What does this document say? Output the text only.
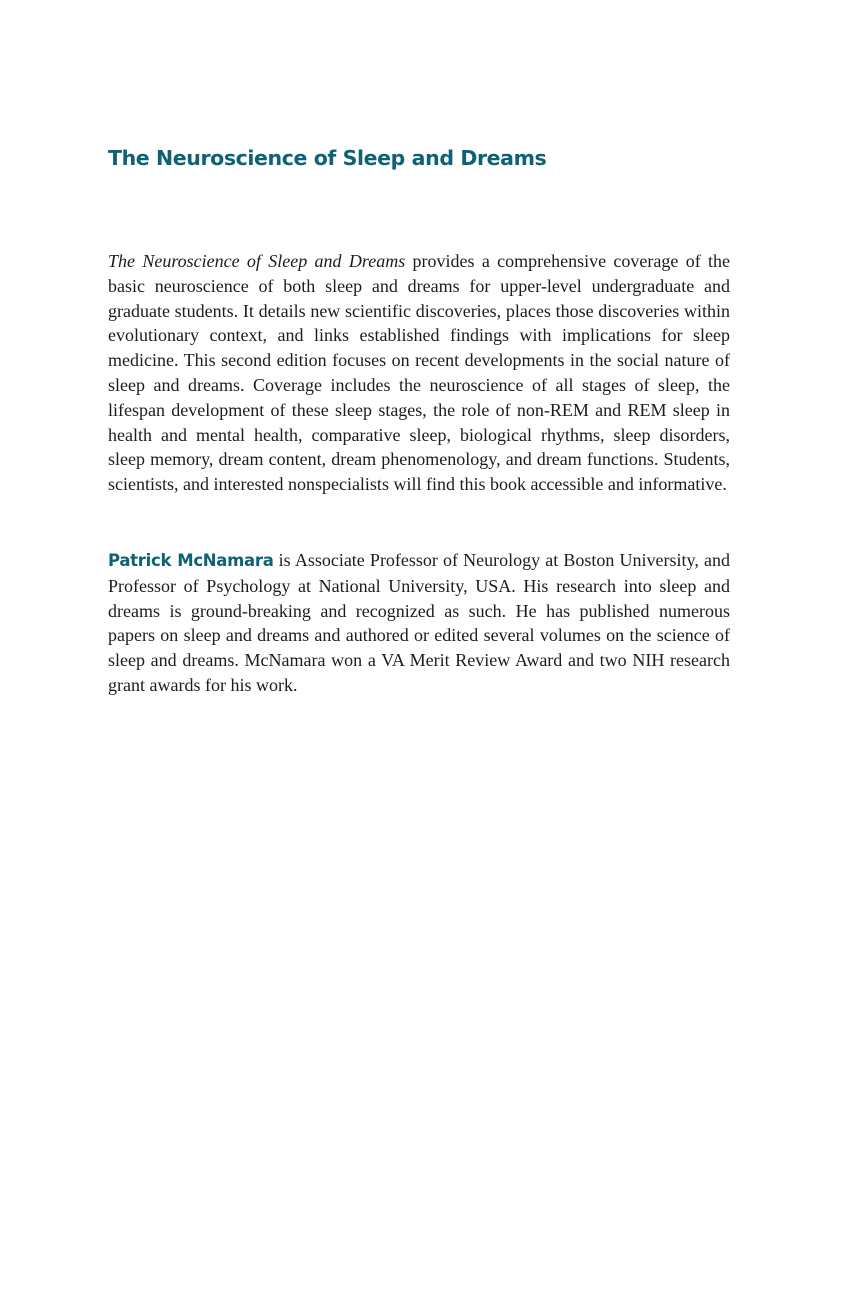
The Neuroscience of Sleep and Dreams

The Neuroscience of Sleep and Dreams provides a comprehensive coverage of the basic neuroscience of both sleep and dreams for upper-level undergraduate and graduate students. It details new scientific discoveries, places those discoveries within evolutionary context, and links established findings with implications for sleep medicine. This second edition focuses on recent developments in the social nature of sleep and dreams. Coverage includes the neuroscience of all stages of sleep, the lifespan development of these sleep stages, the role of non-REM and REM sleep in health and mental health, comparative sleep, biological rhythms, sleep disorders, sleep memory, dream content, dream phenomenology, and dream functions. Students, scientists, and interested nonspecialists will find this book accessible and informative.

Patrick McNamara is Associate Professor of Neurology at Boston University, and Professor of Psychology at National University, USA. His research into sleep and dreams is ground-breaking and recognized as such. He has published numerous papers on sleep and dreams and authored or edited several volumes on the science of sleep and dreams. McNamara won a VA Merit Review Award and two NIH research grant awards for his work.
